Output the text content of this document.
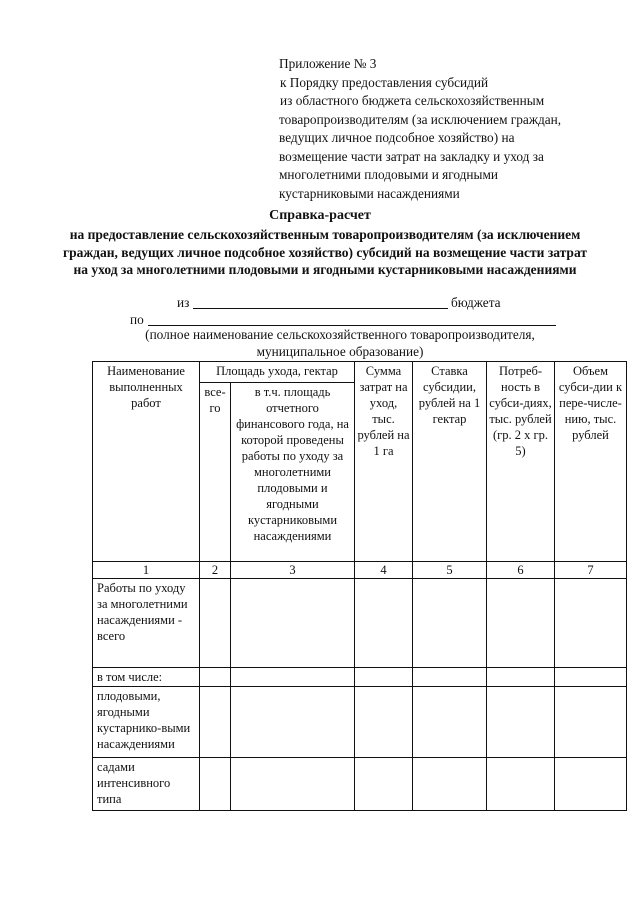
Приложение № 3
к Порядку предоставления субсидий
из областного бюджета сельскохозяйственным
товаропроизводителям (за исключением граждан,
ведущих личное подсобное хозяйство) на
возмещение части затрат на закладку и уход за
многолетними плодовыми и ягодными
кустарниковыми насаждениями
Справка-расчет
на предоставление сельскохозяйственным товаропроизводителям (за исключением граждан, ведущих личное подсобное хозяйство) субсидий на возмещение части затрат на уход за многолетними плодовыми и ягодными кустарниковыми насаждениями
из	бюджета
по
(полное наименование сельскохозяйственного товаропроизводителя, муниципальное образование)
Наименование выполненных работ	Площадь ухода, гектар		Сумма затрат на уход, тыс. рублей на 1 га	Ставка субсидии, рублей на 1 гектар	Потреб-ность в субси-диях, тыс. рублей (гр. 2 х гр. 5)	Объем субси-дии к пере-числе-нию, тыс. рублей
	все-го	в т.ч. площадь отчетного финансового года, на которой проведены работы по уходу за многолетними плодовыми и ягодными кустарниковыми насаждениями				
1	2	3	4	5	6	7
Работы по уходу за многолетними насаждениями - всего						
в том числе:						
плодовыми, ягодными кустарнико-выми насаждениями						
садами интенсивного типа						
